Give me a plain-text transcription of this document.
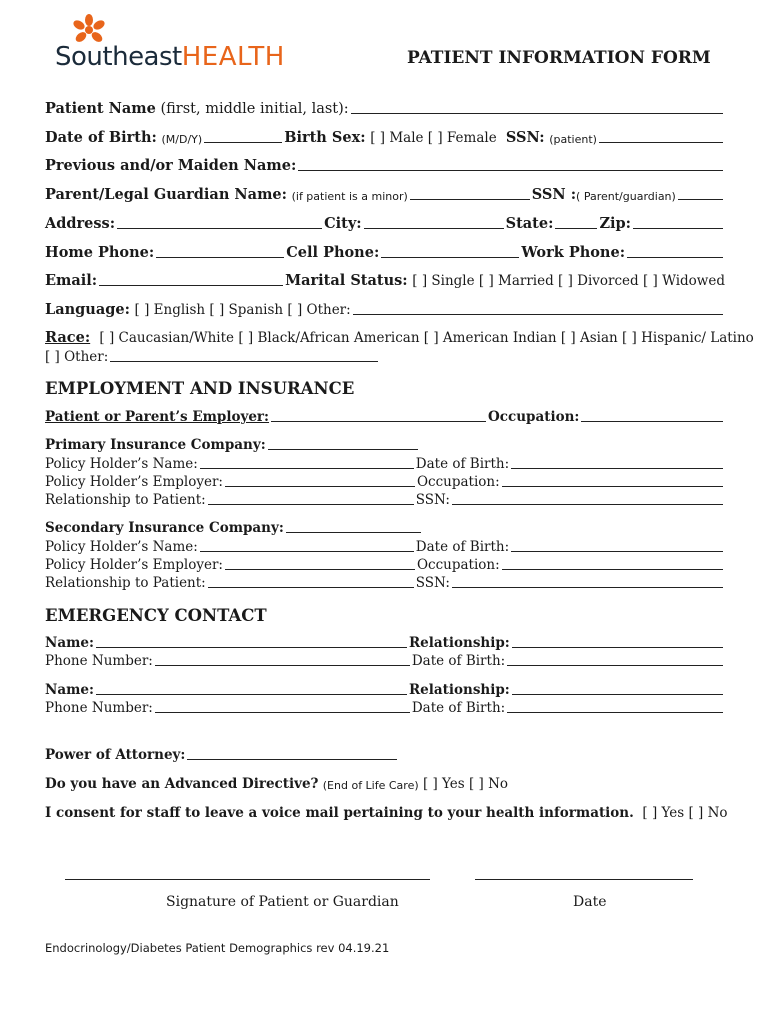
SoutheastHEALTH	PATIENT INFORMATION FORM
Patient Name
(first, middle initial, last):
Date of Birth:
(M/D/Y)	Birth Sex:
[ ] Male [ ] Female
SSN:
(patient)
Previous and/or Maiden Name:
Parent/Legal Guardian Name:
(if patient is a minor)	SSN : ( Parent/guardian)
Address:	City:	State:	Zip:
Home Phone:	Cell Phone:	Work Phone:
Email:	Marital Status:
[ ] Single [ ] Married [ ] Divorced [ ] Widowed
Language:
[ ] English [ ] Spanish [ ] Other:
Race:
[ ] Caucasian/White [ ] Black/African American [ ] American Indian [ ] Asian [ ] Hispanic/ Latino
[ ] Other:
EMPLOYMENT AND INSURANCE
Patient or Parent’s Employer:	Occupation:
Primary Insurance Company:
Policy Holder’s Name:	Date of Birth:
Policy Holder’s Employer:	Occupation:
Relationship to Patient:	SSN:
Secondary Insurance Company:
Policy Holder’s Name:	Date of Birth:
Policy Holder’s Employer:	Occupation:
Relationship to Patient:	SSN:
EMERGENCY CONTACT
Name:	Relationship:
Phone Number:	Date of Birth:
Name:	Relationship:
Phone Number:	Date of Birth:
Power of Attorney:
Do you have an Advanced Directive?
(End of Life Care)
[ ] Yes [ ] No
I consent for staff to leave a voice mail pertaining to your health information.
[ ] Yes [ ] No
Signature of Patient or Guardian	Date
Endocrinology/Diabetes Patient Demographics rev 04.19.21
